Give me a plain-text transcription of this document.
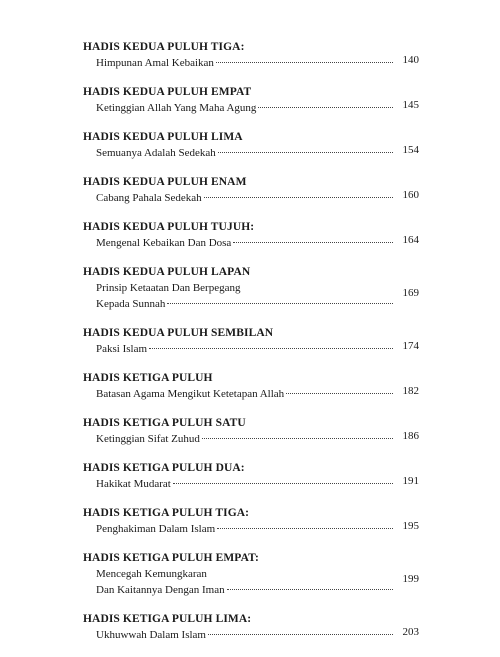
HADIS KEDUA PULUH TIGA:
Himpunan Amal Kebaikan	140
HADIS KEDUA PULUH EMPAT
Ketinggian Allah Yang Maha Agung	145
HADIS KEDUA PULUH LIMA
Semuanya Adalah Sedekah	154
HADIS KEDUA PULUH ENAM
Cabang Pahala Sedekah	160
HADIS KEDUA PULUH TUJUH:
Mengenal Kebaikan Dan Dosa	164
HADIS KEDUA PULUH LAPAN
Prinsip Ketaatan Dan Berpegang
Kepada Sunnah
169
HADIS KEDUA PULUH SEMBILAN
Paksi Islam	174
HADIS KETIGA PULUH
Batasan Agama Mengikut Ketetapan Allah	182
HADIS KETIGA PULUH SATU
Ketinggian Sifat Zuhud	186
HADIS KETIGA PULUH DUA:
Hakikat Mudarat	191
HADIS KETIGA PULUH TIGA:
Penghakiman Dalam Islam	195
HADIS KETIGA PULUH EMPAT:
Mencegah Kemungkaran
Dan Kaitannya Dengan Iman
199
HADIS KETIGA PULUH LIMA:
Ukhuwwah Dalam Islam	203
